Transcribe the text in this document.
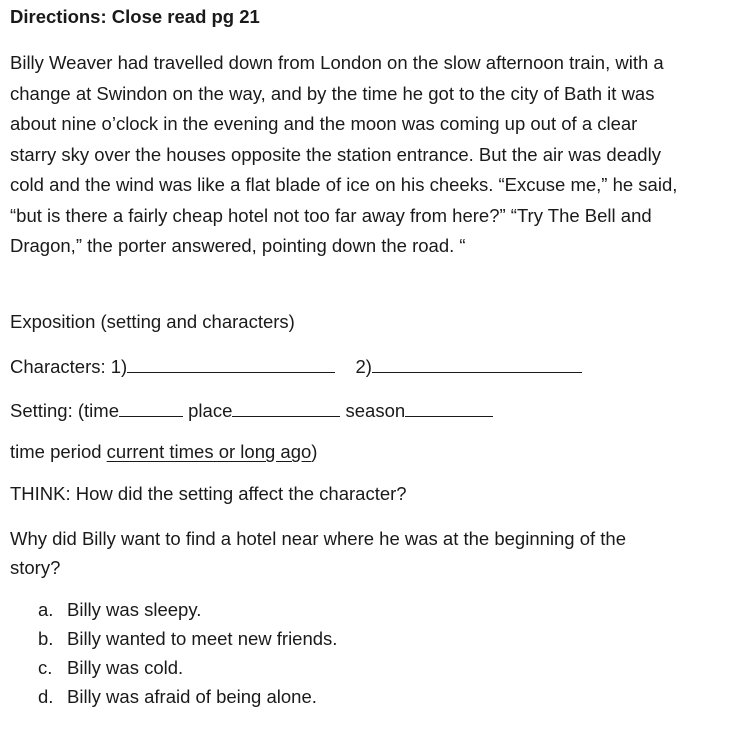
Directions: Close read pg 21

Billy Weaver had travelled down from London on the slow afternoon train, with a
change at Swindon on the way, and by the time he got to the city of Bath it was
about nine o’clock in the evening and the moon was coming up out of a clear
starry sky over the houses opposite the station entrance. But the air was deadly
cold and the wind was like a flat blade of ice on his cheeks. “Excuse me,” he said,
“but is there a fairly cheap hotel not too far away from here?” “Try The Bell and
Dragon,” the porter answered, pointing down the road. “

Exposition (setting and characters)
Characters: 1)	2)
Setting: (time	place	season
time period current times or long ago)
THINK: How did the setting affect the character?
Why did Billy want to find a hotel near where he was at the beginning of the
story?
a. Billy was sleepy.
b. Billy wanted to meet new friends.
c. Billy was cold.
d. Billy was afraid of being alone.
